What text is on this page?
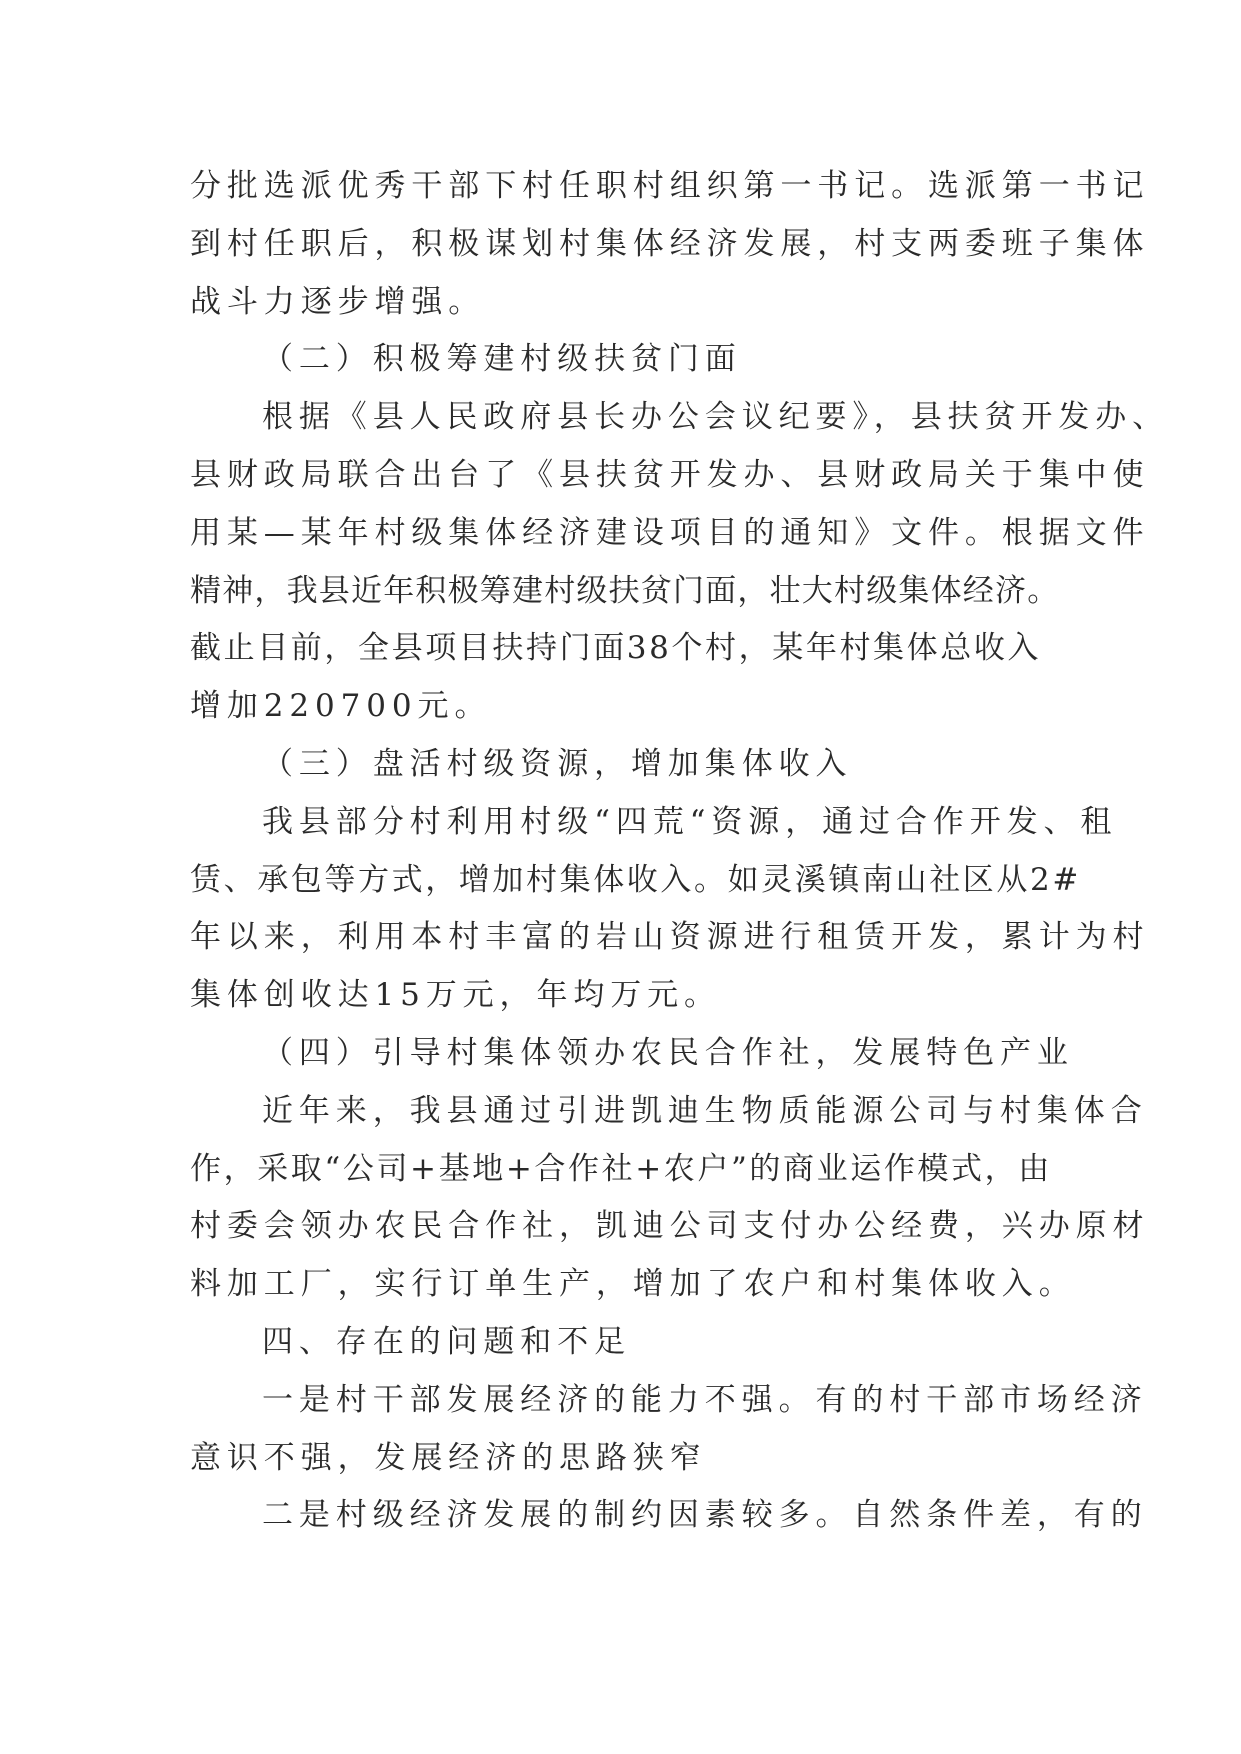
分批选派优秀干部下村任职村组织第一书记。选派第一书记
到村任职后，积极谋划村集体经济发展，村支两委班子集体
战斗力逐步增强。
（二）积极筹建村级扶贫门面
根据《县人民政府县长办公会议纪要》，县扶贫开发办、
县财政局联合出台了《县扶贫开发办、县财政局关于集中使
用某—某年村级集体经济建设项目的通知》文件。根据文件
精神，我县近年积极筹建村级扶贫门面，壮大村级集体经济。
截止目前，全县项目扶持门面38个村，某年村集体总收入
增加220700元。
（三）盘活村级资源，增加集体收入
我县部分村利用村级“四荒“资源，通过合作开发、租
赁、承包等方式，增加村集体收入。如灵溪镇南山社区从2#
年以来，利用本村丰富的岩山资源进行租赁开发，累计为村
集体创收达15万元，年均万元。
（四）引导村集体领办农民合作社，发展特色产业
近年来，我县通过引进凯迪生物质能源公司与村集体合
作，采取“公司+基地+合作社+农户”的商业运作模式，由
村委会领办农民合作社，凯迪公司支付办公经费，兴办原材
料加工厂，实行订单生产，增加了农户和村集体收入。
四、存在的问题和不足
一是村干部发展经济的能力不强。有的村干部市场经济
意识不强，发展经济的思路狭窄
二是村级经济发展的制约因素较多。自然条件差，有的
